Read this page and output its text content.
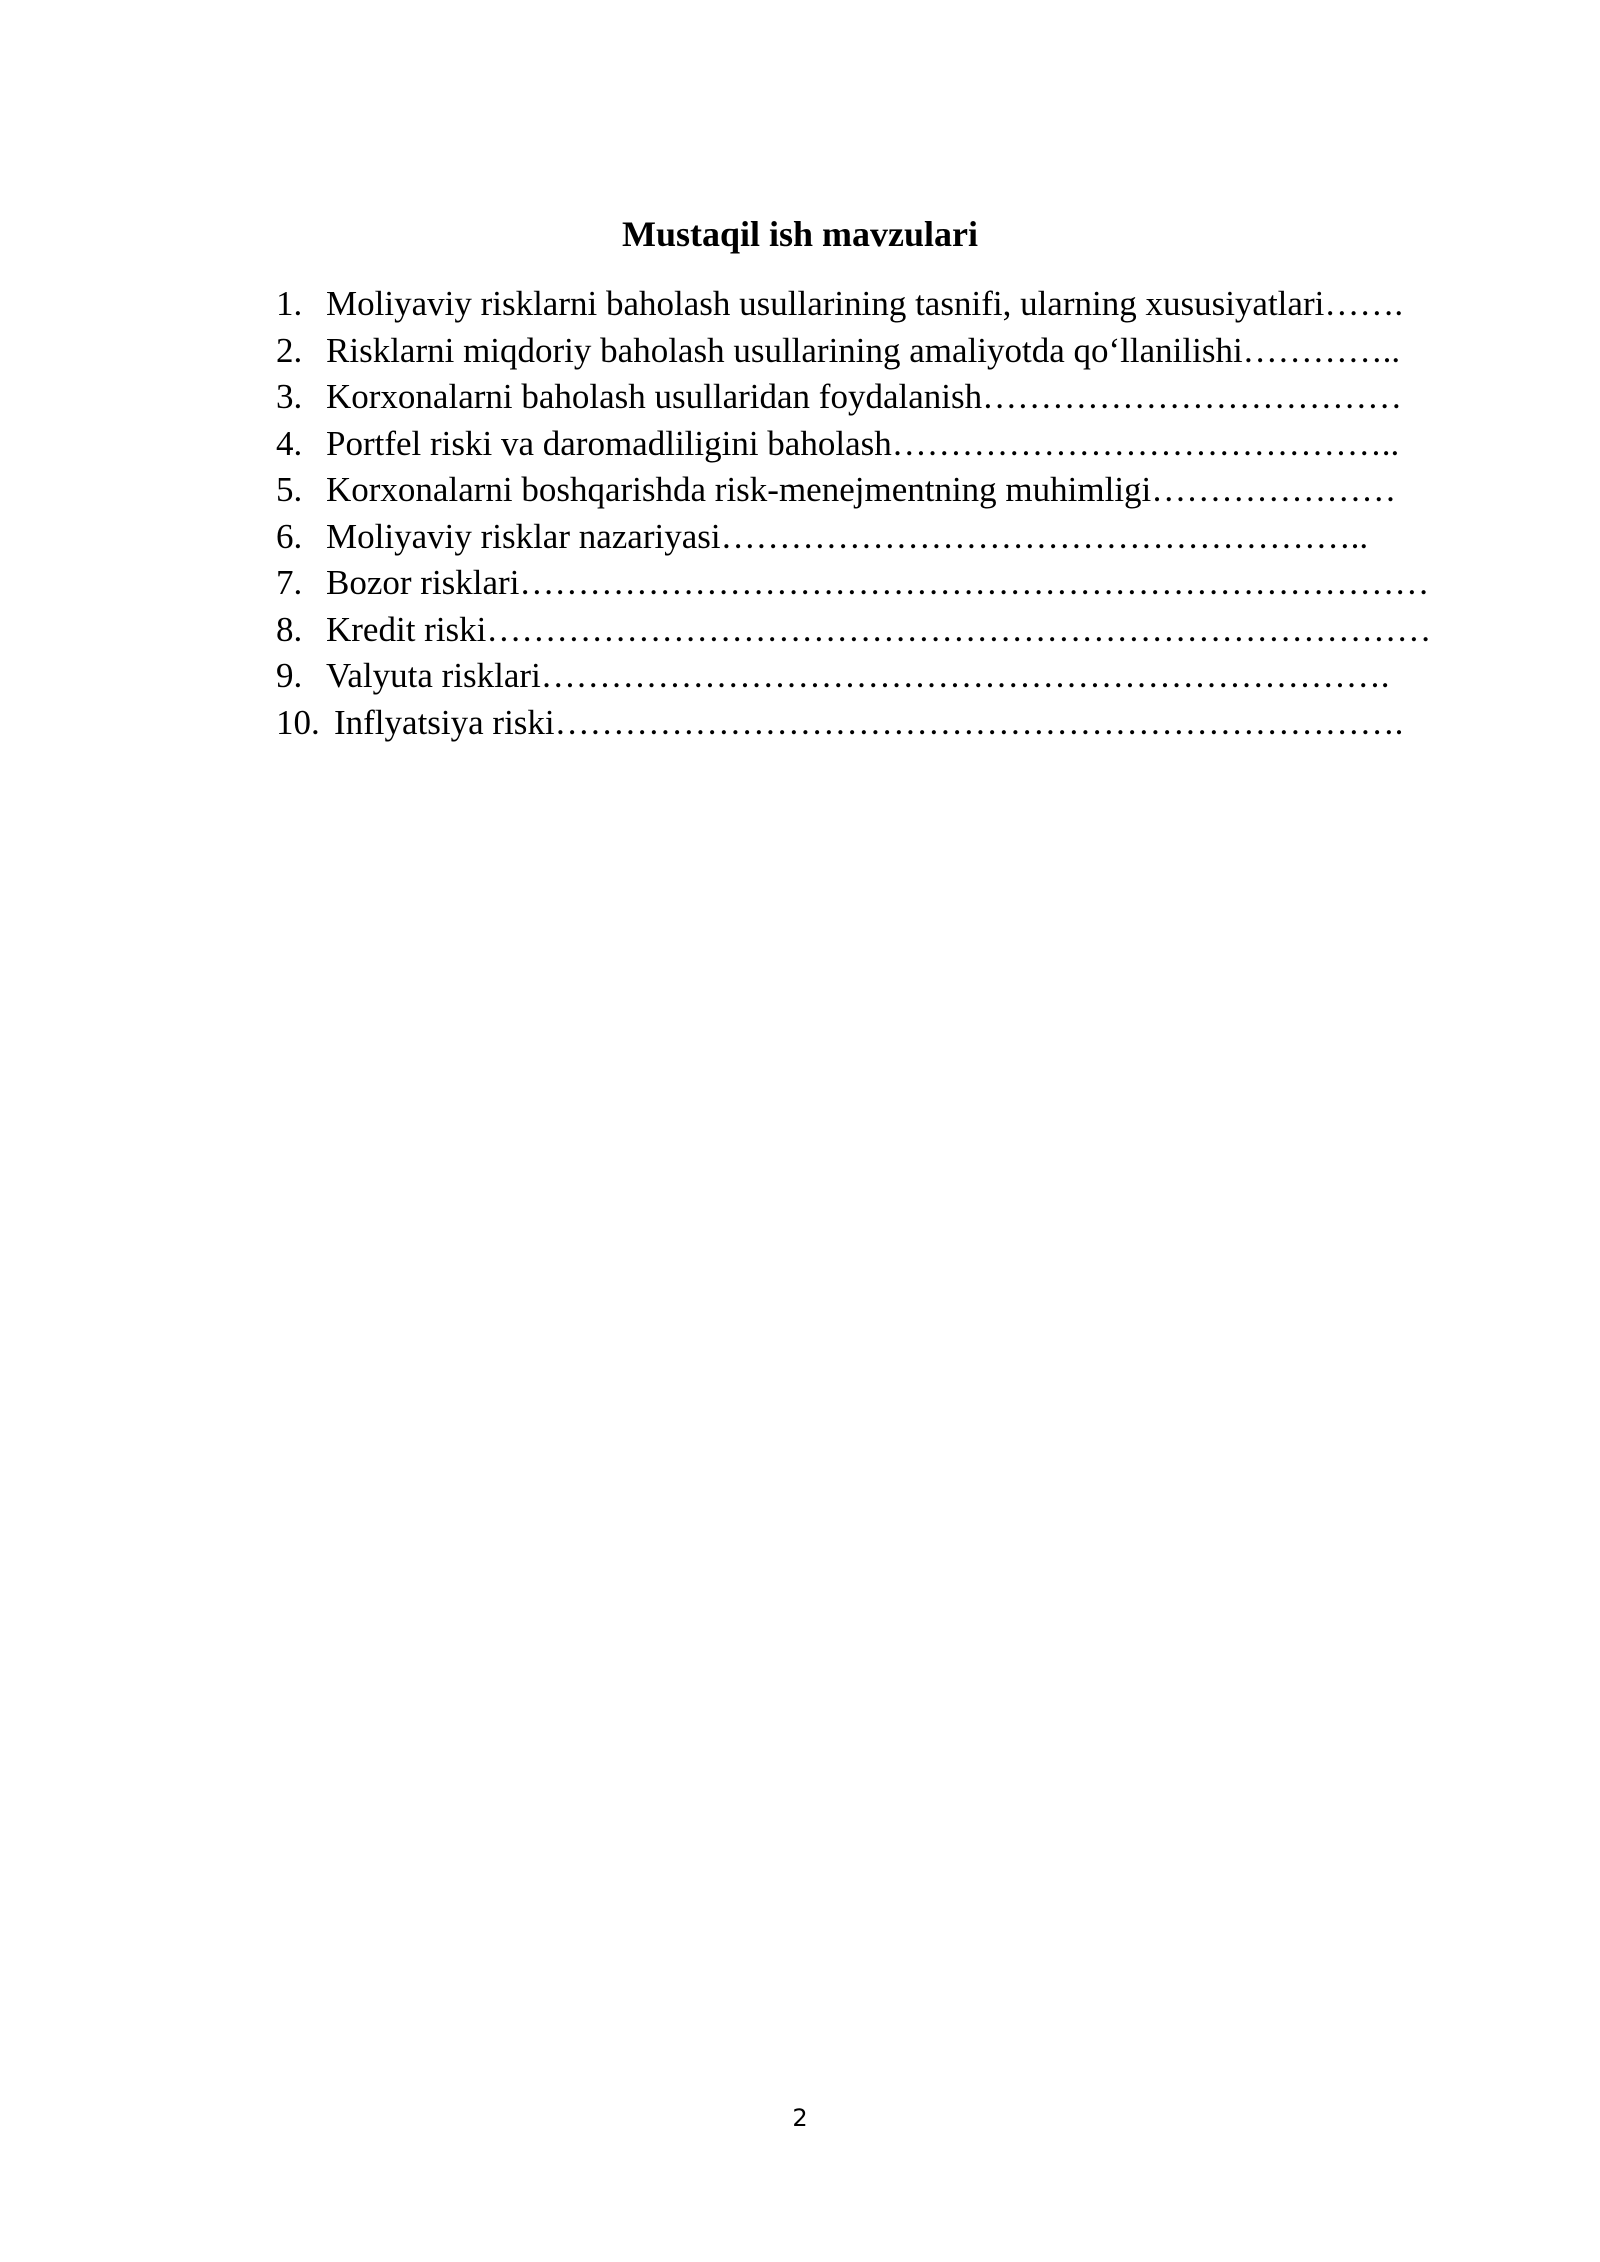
Mustaqil ish mavzulari
1. Moliyaviy risklarni baholash usullarining tasnifi, ularning xususiyatlari…….
2. Risklarni miqdoriy baholash usullarining amaliyotda qo‘llanilishi…………..
3. Korxonalarni baholash usullaridan foydalanish………………………………
4. Portfel riski va daromadliligini baholash……………………………………..
5. Korxonalarni boshqarishda risk-menejmentning muhimligi…………………
6. Moliyaviy risklar nazariyasi………………………………………………..
7. Bozor risklari……………………………………………………………………
8. Kredit riski………………………………………………………………………
9. Valyuta risklari……………………………………………………………….
10. Inflyatsiya riski……………………………………………………………….
2
